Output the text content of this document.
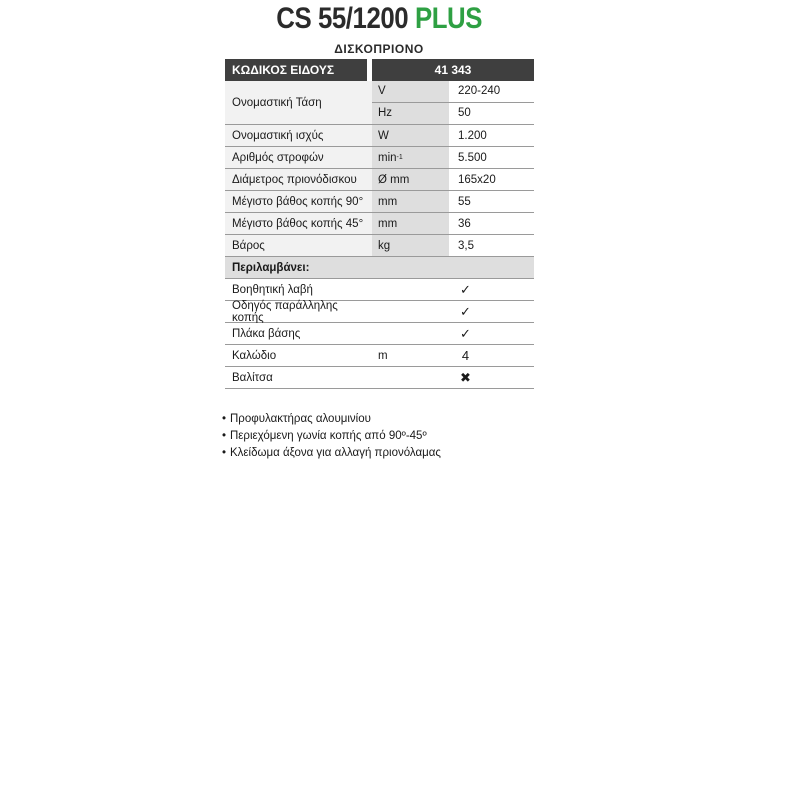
CS 55/1200 PLUS
ΔΙΣΚΟΠΡΙΟΝΟ
ΚΩΔΙΚΟΣ ΕΙΔΟΥΣ	41 343
Ονομαστική Τάση
V	220-240
Hz	50
Ονομαστική ισχύς	W	1.200
Αριθμός στροφών	min -1	5.500
Διάμετρος πριονόδισκου	Ø mm	165x20
Μέγιστο βάθος κοπής 90°	mm	55
Μέγιστο βάθος κοπής 45°	mm	36
Βάρος	kg	3,5
Περιλαμβάνει:
Βοηθητική λαβή	✓
Οδηγός παράλληλης κοπής	✓
Πλάκα βάσης	✓
Καλώδιο	m	4
Βαλίτσα	✖
• Προφυλακτήρας αλουμινίου
• Περιεχόμενη γωνία κοπής από 90º-45º
• Κλείδωμα άξονα για αλλαγή πριονόλαμας
